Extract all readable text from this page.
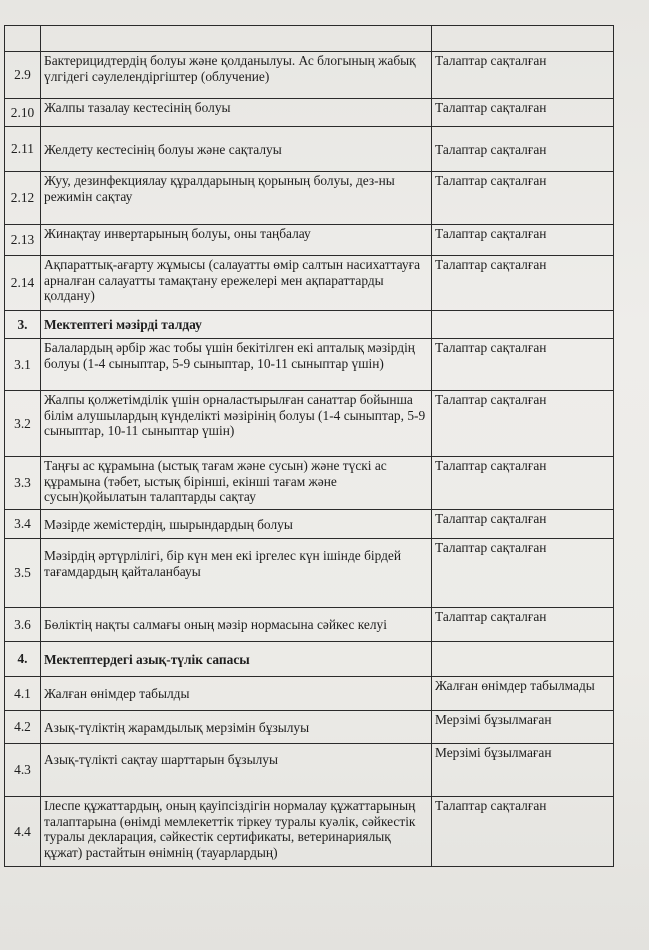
2.9	Бактерицидтердің болуы және қолданылуы. Ас блогының жабық үлгідегі сәулелендіргіштер (облучение)	Талаптар сақталған
2.10	Жалпы тазалау кестесінің болуы	Талаптар сақталған
2.11	Желдету кестесінің болуы және сақталуы	Талаптар сақталған
2.12	Жуу, дезинфекциялау құралдарының қорының болуы, дез-ны режимін сақтау	Талаптар сақталған
2.13	Жинақтау инвертарының болуы, оны таңбалау	Талаптар сақталған
2.14	Ақпараттық-ағарту жұмысы (салауатты өмір салтын насихаттауға арналған салауатты тамақтану ережелері мен ақпараттарды қолдану)	Талаптар сақталған
3.	Мектептегі мәзірді талдау	
3.1	Балалардың әрбір жас тобы үшін бекітілген екі апталық мәзірдің болуы (1-4 сыныптар, 5-9 сыныптар, 10-11 сыныптар үшін)	Талаптар сақталған
3.2	Жалпы қолжетімділік үшін орналастырылған санаттар бойынша білім алушылардың күнделікті мәзірінің болуы (1-4 сыныптар, 5-9 сыныптар, 10-11 сыныптар үшін)	Талаптар сақталған
3.3	Таңғы ас құрамына (ыстық тағам және сусын) және түскі ас құрамына (тәбет, ыстық бірінші, екінші тағам және сусын)қойылатын талаптарды сақтау	Талаптар сақталған
3.4	Мәзірде жемістердің, шырындардың болуы	Талаптар сақталған
3.5	Мәзірдің әртүрлілігі, бір күн мен екі іргелес күн ішінде бірдей тағамдардың қайталанбауы	Талаптар сақталған
3.6	Бөліктің нақты салмағы оның мәзір нормасына сәйкес келуі	Талаптар сақталған
4.	Мектептердегі азық-түлік сапасы	
4.1	Жалған өнімдер табылды	Жалған өнімдер табылмады
4.2	Азық-түліктің жарамдылық мерзімін бұзылуы	Мерзімі бұзылмаған
4.3	Азық-түлікті сақтау шарттарын бұзылуы	Мерзімі бұзылмаған
4.4	Ілеспе құжаттардың, оның қауіпсіздігін нормалау құжаттарының талаптарына (өнімді мемлекеттік тіркеу туралы куәлік, сәйкестік туралы декларация, сәйкестік сертификаты, ветеринариялық құжат) растайтын өнімнің (тауарлардың)	Талаптар сақталған
